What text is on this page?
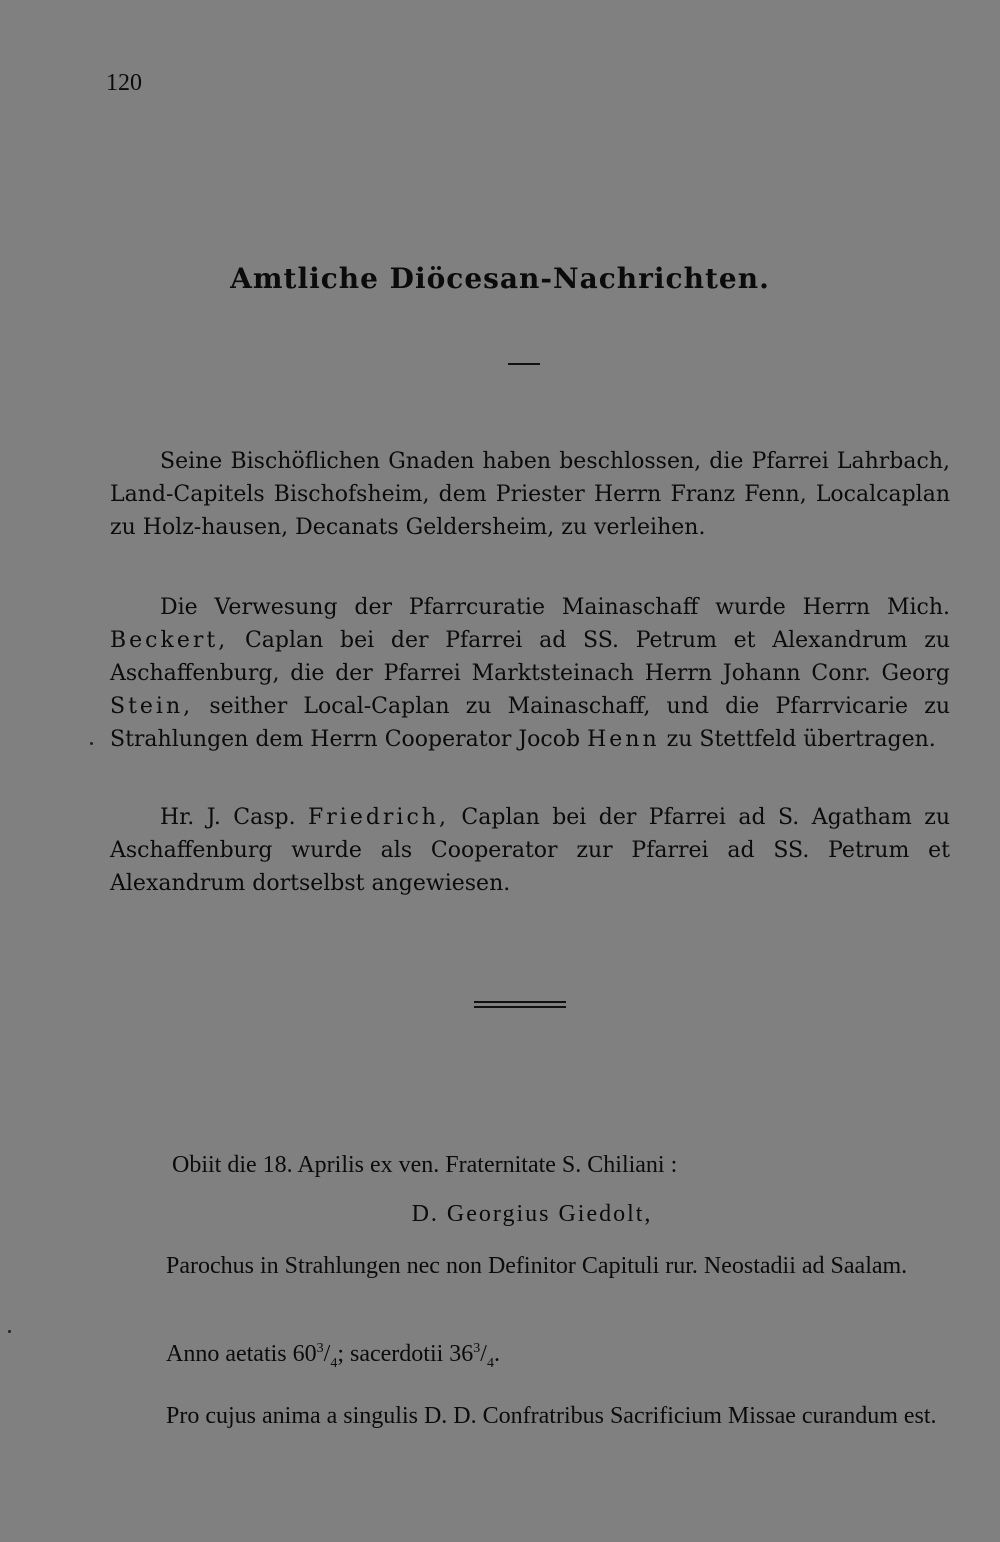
120
Amtliche Diöcesan-Nachrichten.
Seine Bischöflichen Gnaden haben beschlossen, die Pfarrei Lahrbach, Land-Capitels Bischofsheim, dem Priester Herrn Franz Fenn, Localcaplan zu Holz-hausen, Decanats Geldersheim, zu verleihen.
Die Verwesung der Pfarrcuratie Mainaschaff wurde Herrn Mich. Beckert, Caplan bei der Pfarrei ad SS. Petrum et Alexandrum zu Aschaffenburg, die der Pfarrei Marktsteinach Herrn Johann Conr. Georg Stein, seither Local-Caplan zu Mainaschaff, und die Pfarrvicarie zu Strahlungen dem Herrn Cooperator Jocob Henn zu Stettfeld übertragen.
Hr. J. Casp. Friedrich, Caplan bei der Pfarrei ad S. Agatham zu Aschaffenburg wurde als Cooperator zur Pfarrei ad SS. Petrum et Alexandrum dortselbst angewiesen.
Obiit die 18. Aprilis ex ven. Fraternitate S. Chiliani :
D. Georgius Giedolt,
Parochus in Strahlungen nec non Definitor Capituli rur. Neostadii ad Saalam.
Anno aetatis $60^3/_4$; sacerdotii $36^3/_4$.
Pro cujus anima a singulis D. D. Confratribus Sacrificium Missae curandum est.
